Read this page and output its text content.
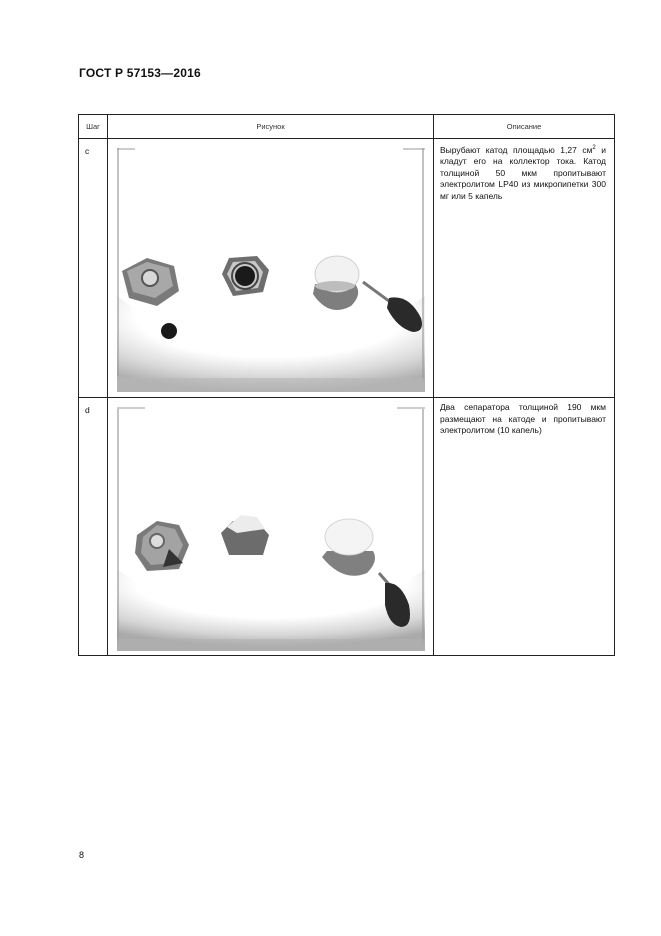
ГОСТ Р 57153—2016
Шаг	Рисунок	Описание
c		Вырубают катод площадью 1,27 $см^2$ и кладут его на коллектор тока. Катод толщиной 50 мкм пропитывают электролитом LP40 из микропипетки 300 мг или 5 капель
d		Два сепаратора толщиной 190 мкм размещают на катоде и пропитывают электролитом (10 капель)
8
